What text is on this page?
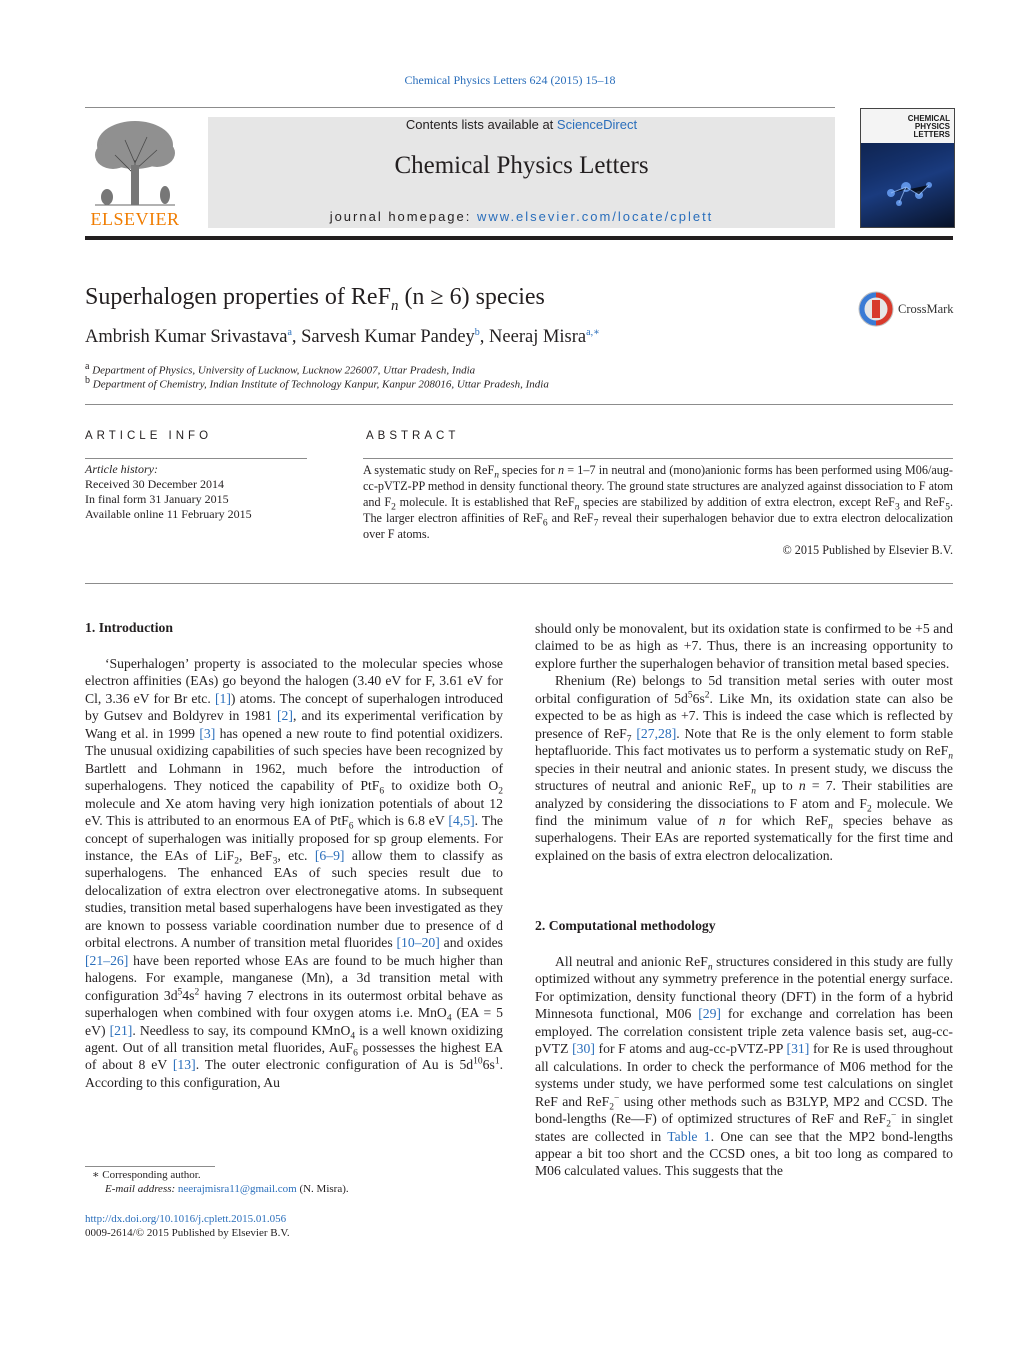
Chemical Physics Letters 624 (2015) 15–18
ELSEVIER
Contents lists available at ScienceDirect
Chemical Physics Letters
journal homepage: www.elsevier.com/locate/cplett
CHEMICAL PHYSICS LETTERS
Superhalogen properties of ReF$_n$ (n ≥ 6) species	CrossMark
Ambrish Kumar Srivastava$^a$, Sarvesh Kumar Pandey$^b$, Neeraj Misra$^{a,∗}$
a Department of Physics, University of Lucknow, Lucknow 226007, Uttar Pradesh, India
b Department of Chemistry, Indian Institute of Technology Kanpur, Kanpur 208016, Uttar Pradesh, India
ARTICLE INFO
Article history:
Received 30 December 2014
In final form 31 January 2015
Available online 11 February 2015
ABSTRACT
A systematic study on ReF$_n$ species for n = 1–7 in neutral and (mono)anionic forms has been performed using M06/aug-cc-pVTZ-PP method in density functional theory. The ground state structures are analyzed against dissociation to F atom and $F_2$ molecule. It is established that ReF$_n$ species are stabilized by addition of extra electron, except ReF$_3$ and ReF$_5$. The larger electron affinities of ReF$_6$ and ReF$_7$ reveal their superhalogen behavior due to extra electron delocalization over F atoms.
© 2015 Published by Elsevier B.V.
1. Introduction

‘Superhalogen’ property is associated to the molecular species whose electron affinities (EAs) go beyond the halogen (3.40 eV for F, 3.61 eV for Cl, 3.36 eV for Br etc. [1]) atoms. The concept of superhalogen introduced by Gutsev and Boldyrev in 1981 [2], and its experimental verification by Wang et al. in 1999 [3] has opened a new route to find potential oxidizers. The unusual oxidizing capabilities of such species have been recognized by Bartlett and Lohmann in 1962, much before the introduction of superhalogens. They noticed the capability of PtF$_6$ to oxidize both $O_2$ molecule and Xe atom having very high ionization potentials of about 12 eV. This is attributed to an enormous EA of PtF$_6$ which is 6.8 eV [4,5]. The concept of superhalogen was initially proposed for sp group elements. For instance, the EAs of LiF$_2$, BeF$_3$, etc. [6–9] allow them to classify as superhalogens. The enhanced EAs of such species result due to delocalization of extra electron over electronegative atoms. In subsequent studies, transition metal based superhalogens have been investigated as they are known to possess variable coordination number due to presence of d orbital electrons. A number of transition metal fluorides [10–20] and oxides [21–26] have been reported whose EAs are found to be much higher than halogens. For example, manganese (Mn), a 3d transition metal with configuration $3d^54s^2$ having 7 electrons in its outermost orbital behave as superhalogen when combined with four oxygen atoms i.e. MnO$_4$ (EA = 5 eV) [21]. Needless to say, its compound KMnO$_4$ is a well known oxidizing agent. Out of all transition metal fluorides, AuF$_6$ possesses the highest EA of about 8 eV [13]. The outer electronic configuration of Au is $5d^{10}6s^1$. According to this configuration, Au

∗ Corresponding author.
E-mail address: neerajmisra11@gmail.com (N. Misra).
http://dx.doi.org/10.1016/j.cplett.2015.01.056
0009-2614/© 2015 Published by Elsevier B.V.

should only be monovalent, but its oxidation state is confirmed to be +5 and claimed to be as high as +7. Thus, there is an increasing opportunity to explore further the superhalogen behavior of transition metal based species.

Rhenium (Re) belongs to 5d transition metal series with outer most orbital configuration of $5d^56s^2$. Like Mn, its oxidation state can also be expected to be as high as +7. This is indeed the case which is reflected by presence of ReF$_7$ [27,28]. Note that Re is the only element to form stable heptafluoride. This fact motivates us to perform a systematic study on ReF$_n$ species in their neutral and anionic states. In present study, we discuss the structures of neutral and anionic ReF$_n$ up to n = 7. Their stabilities are analyzed by considering the dissociations to F atom and $F_2$ molecule. We find the minimum value of n for which ReF$_n$ species behave as superhalogens. Their EAs are reported systematically for the first time and explained on the basis of extra electron delocalization.

2. Computational methodology

All neutral and anionic ReF$_n$ structures considered in this study are fully optimized without any symmetry preference in the potential energy surface. For optimization, density functional theory (DFT) in the form of a hybrid Minnesota functional, M06 [29] for exchange and correlation has been employed. The correlation consistent triple zeta valence basis set, aug-cc-pVTZ [30] for F atoms and aug-cc-pVTZ-PP [31] for Re is used throughout all calculations. In order to check the performance of M06 method for the systems under study, we have performed some test calculations on singlet ReF and ReF$_2$− using other methods such as B3LYP, MP2 and CCSD. The bond-lengths (Re—F) of optimized structures of ReF and ReF$_2$− in singlet states are collected in Table 1. One can see that the MP2 bond-lengths appear a bit too short and the CCSD ones, a bit too long as compared to M06 calculated values. This suggests that the
